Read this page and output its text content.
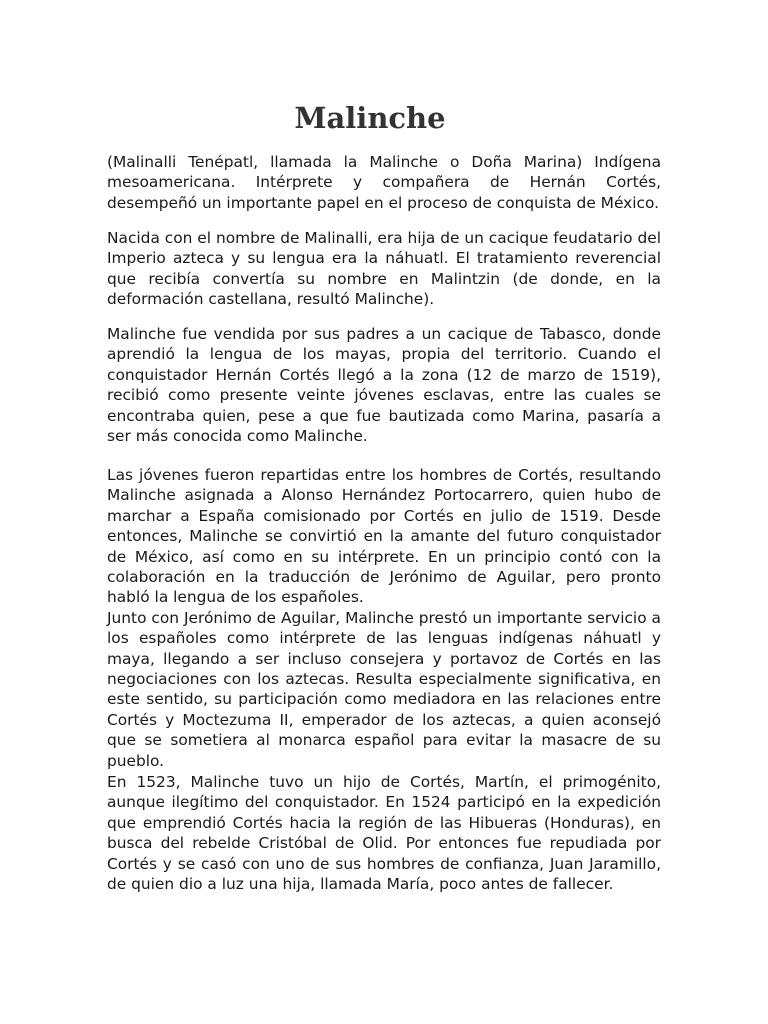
Malinche

(Malinalli Tenépatl, llamada la Malinche o Doña Marina) Indígena mesoamericana. Intérprete y compañera de Hernán Cortés, desempeñó un importante papel en el proceso de conquista de México.

Nacida con el nombre de Malinalli, era hija de un cacique feudatario del Imperio azteca y su lengua era la náhuatl. El tratamiento reverencial que recibía convertía su nombre en Malintzin (de donde, en la deformación castellana, resultó Malinche).

Malinche fue vendida por sus padres a un cacique de Tabasco, donde aprendió la lengua de los mayas, propia del territorio. Cuando el conquistador Hernán Cortés llegó a la zona (12 de marzo de 1519), recibió como presente veinte jóvenes esclavas, entre las cuales se encontraba quien, pese a que fue bautizada como Marina, pasaría a ser más conocida como Malinche.

Las jóvenes fueron repartidas entre los hombres de Cortés, resultando Malinche asignada a Alonso Hernández Portocarrero, quien hubo de marchar a España comisionado por Cortés en julio de 1519. Desde entonces, Malinche se convirtió en la amante del futuro conquistador de México, así como en su intérprete. En un principio contó con la colaboración en la traducción de Jerónimo de Aguilar, pero pronto habló la lengua de los españoles.

Junto con Jerónimo de Aguilar, Malinche prestó un importante servicio a los españoles como intérprete de las lenguas indígenas náhuatl y maya, llegando a ser incluso consejera y portavoz de Cortés en las negociaciones con los aztecas. Resulta especialmente significativa, en este sentido, su participación como mediadora en las relaciones entre Cortés y Moctezuma II, emperador de los aztecas, a quien aconsejó que se sometiera al monarca español para evitar la masacre de su pueblo.

En 1523, Malinche tuvo un hijo de Cortés, Martín, el primogénito, aunque ilegítimo del conquistador. En 1524 participó en la expedición que emprendió Cortés hacia la región de las Hibueras (Honduras), en busca del rebelde Cristóbal de Olid. Por entonces fue repudiada por Cortés y se casó con uno de sus hombres de confianza, Juan Jaramillo, de quien dio a luz una hija, llamada María, poco antes de fallecer.
